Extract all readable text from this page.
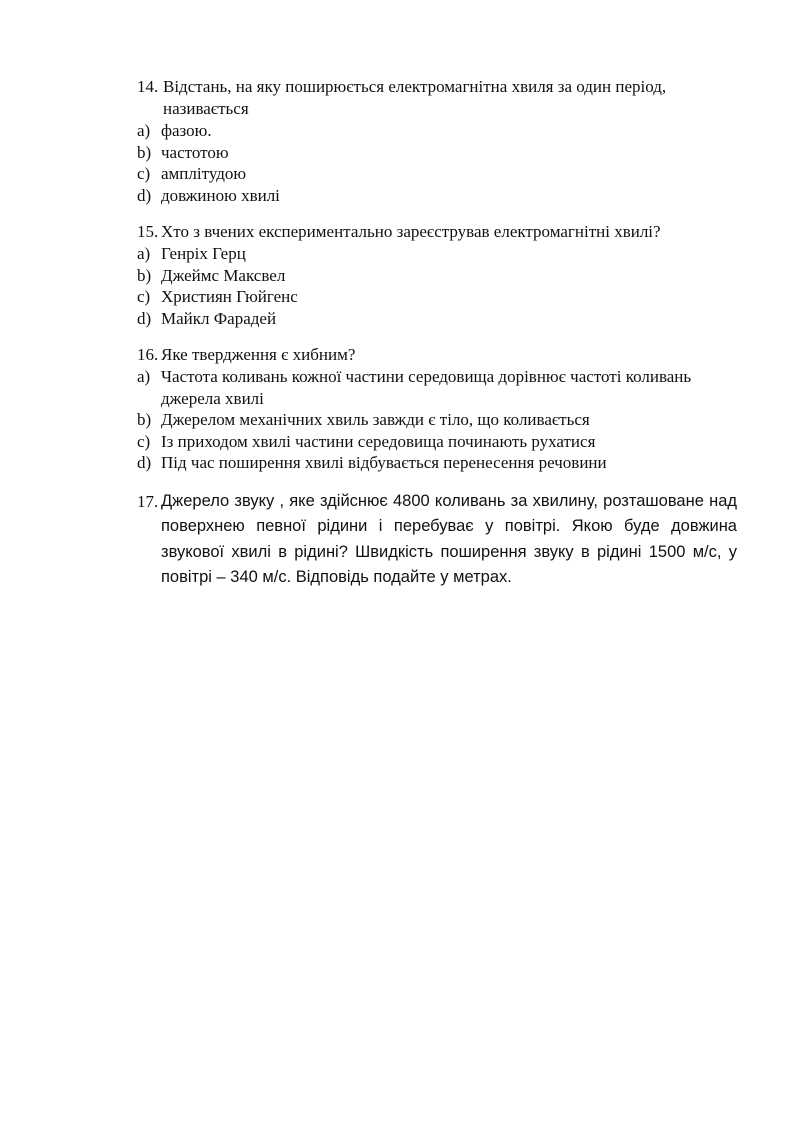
14. Відстань, на яку поширюється електромагнітна хвиля за один період, називається
a) фазою.
b) частотою
c) амплітудою
d) довжиною хвилі
15. Хто з вчених експериментально зареєстрував електромагнітні хвилі?
a) Генріх Герц
b) Джеймс Максвел
c) Християн Гюйгенс
d) Майкл Фарадей
16. Яке твердження є хибним?
a) Частота коливань кожної частини середовища дорівнює частоті коливань джерела хвилі
b) Джерелом механічних хвиль завжди є тіло, що коливається
c) Із приходом хвилі частини середовища починають рухатися
d) Під час поширення хвилі відбувається перенесення речовини
17. Джерело звуку , яке здійснює 4800 коливань за хвилину, розташоване над поверхнею певної рідини і перебуває у повітрі. Якою буде довжина звукової хвилі в рідині? Швидкість поширення звуку в рідині 1500 м/с, у повітрі – 340 м/с. Відповідь подайте у метрах.
